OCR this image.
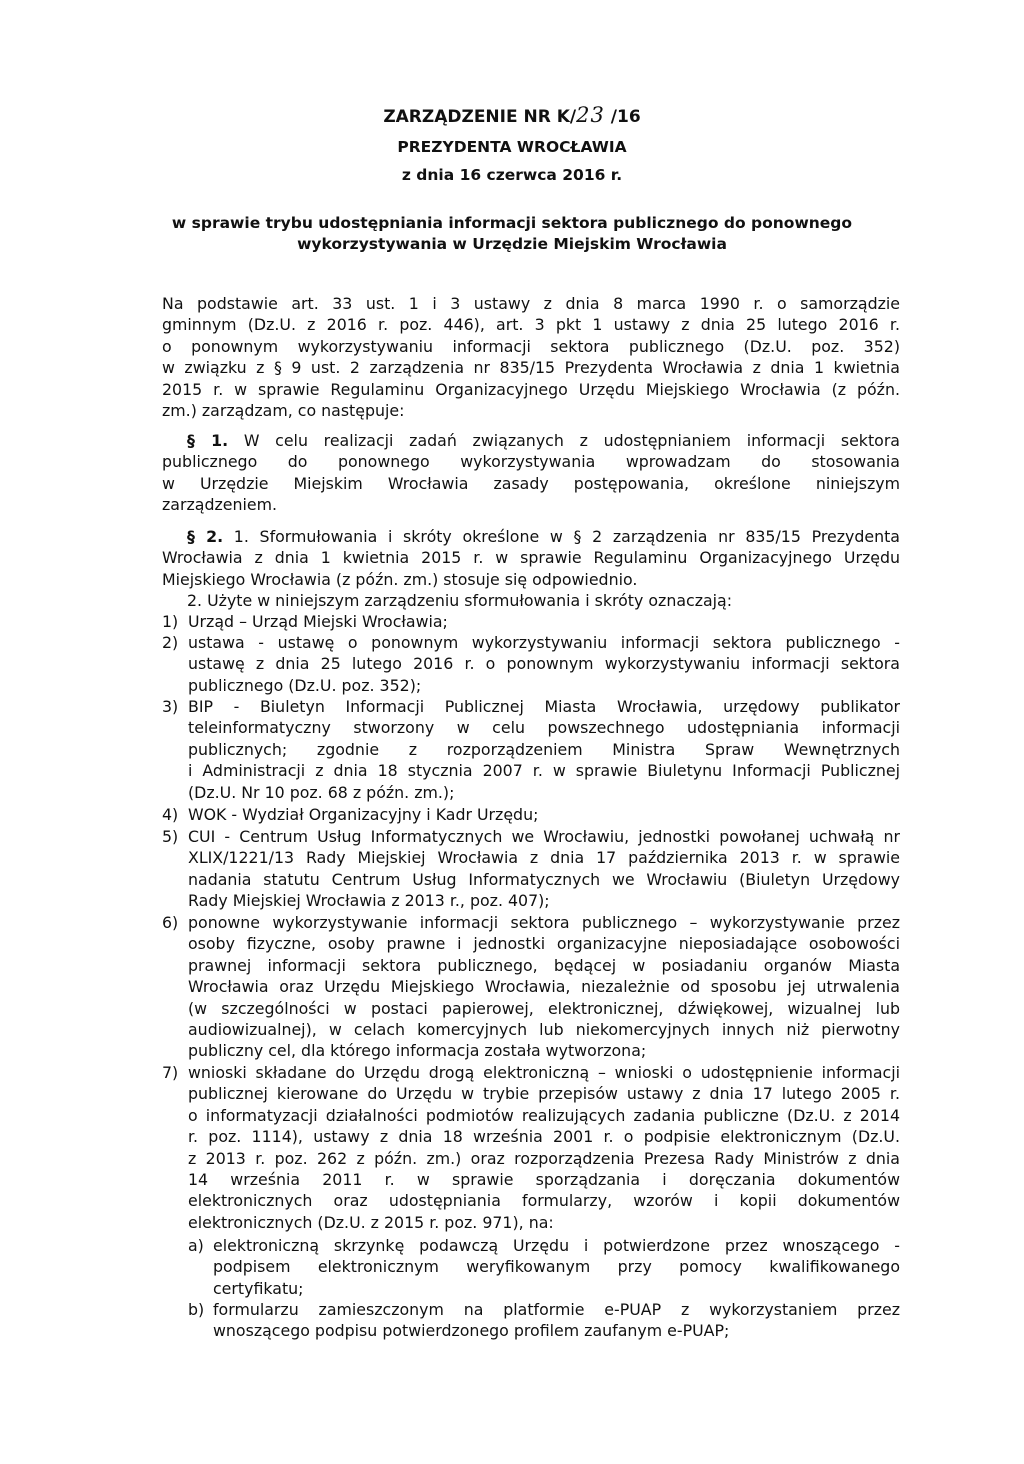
ZARZĄDZENIE NR K/23 /16
PREZYDENTA WROCŁAWIA
z dnia 16 czerwca 2016 r.
w sprawie trybu udostępniania informacji sektora publicznego do ponownego
wykorzystywania w Urzędzie Miejskim Wrocławia
Na podstawie art. 33 ust. 1 i 3 ustawy z dnia 8 marca 1990 r. o samorządzie
gminnym (Dz.U. z 2016 r. poz. 446), art. 3 pkt 1 ustawy z dnia 25 lutego 2016 r.
o ponownym wykorzystywaniu informacji sektora publicznego (Dz.U. poz. 352)
w związku z § 9 ust. 2 zarządzenia nr 835/15 Prezydenta Wrocławia z dnia 1 kwietnia
2015 r. w sprawie Regulaminu Organizacyjnego Urzędu Miejskiego Wrocławia (z późn.
zm.) zarządzam, co następuje:
§ 1. W celu realizacji zadań związanych z udostępnianiem informacji sektora
publicznego do ponownego wykorzystywania wprowadzam do stosowania
w Urzędzie Miejskim Wrocławia zasady postępowania, określone niniejszym
zarządzeniem.
§ 2. 1. Sformułowania i skróty określone w § 2 zarządzenia nr 835/15 Prezydenta
Wrocławia z dnia 1 kwietnia 2015 r. w sprawie Regulaminu Organizacyjnego Urzędu
Miejskiego Wrocławia (z późn. zm.) stosuje się odpowiednio.
2. Użyte w niniejszym zarządzeniu sformułowania i skróty oznaczają:
1) Urząd – Urząd Miejski Wrocławia;
2) ustawa - ustawę o ponownym wykorzystywaniu informacji sektora publicznego -
ustawę z dnia 25 lutego 2016 r. o ponownym wykorzystywaniu informacji sektora
publicznego (Dz.U. poz. 352);
3) BIP - Biuletyn Informacji Publicznej Miasta Wrocławia, urzędowy publikator
teleinformatyczny stworzony w celu powszechnego udostępniania informacji
publicznych; zgodnie z rozporządzeniem Ministra Spraw Wewnętrznych
i Administracji z dnia 18 stycznia 2007 r. w sprawie Biuletynu Informacji Publicznej
(Dz.U. Nr 10 poz. 68 z późn. zm.);
4) WOK - Wydział Organizacyjny i Kadr Urzędu;
5) CUI - Centrum Usług Informatycznych we Wrocławiu, jednostki powołanej uchwałą nr
XLIX/1221/13 Rady Miejskiej Wrocławia z dnia 17 października 2013 r. w sprawie
nadania statutu Centrum Usług Informatycznych we Wrocławiu (Biuletyn Urzędowy
Rady Miejskiej Wrocławia z 2013 r., poz. 407);
6) ponowne wykorzystywanie informacji sektora publicznego – wykorzystywanie przez
osoby fizyczne, osoby prawne i jednostki organizacyjne nieposiadające osobowości
prawnej informacji sektora publicznego, będącej w posiadaniu organów Miasta
Wrocławia oraz Urzędu Miejskiego Wrocławia, niezależnie od sposobu jej utrwalenia
(w szczególności w postaci papierowej, elektronicznej, dźwiękowej, wizualnej lub
audiowizualnej), w celach komercyjnych lub niekomercyjnych innych niż pierwotny
publiczny cel, dla którego informacja została wytworzona;
7) wnioski składane do Urzędu drogą elektroniczną – wnioski o udostępnienie informacji
publicznej kierowane do Urzędu w trybie przepisów ustawy z dnia 17 lutego 2005 r.
o informatyzacji działalności podmiotów realizujących zadania publiczne (Dz.U. z 2014
r. poz. 1114), ustawy z dnia 18 września 2001 r. o podpisie elektronicznym (Dz.U.
z 2013 r. poz. 262 z późn. zm.) oraz rozporządzenia Prezesa Rady Ministrów z dnia
14 września 2011 r. w sprawie sporządzania i doręczania dokumentów
elektronicznych oraz udostępniania formularzy, wzorów i kopii dokumentów
elektronicznych (Dz.U. z 2015 r. poz. 971), na:
a) elektroniczną skrzynkę podawczą Urzędu i potwierdzone przez wnoszącego -
podpisem elektronicznym weryfikowanym przy pomocy kwalifikowanego
certyfikatu;
b) formularzu zamieszczonym na platformie e-PUAP z wykorzystaniem przez
wnoszącego podpisu potwierdzonego profilem zaufanym e-PUAP;
